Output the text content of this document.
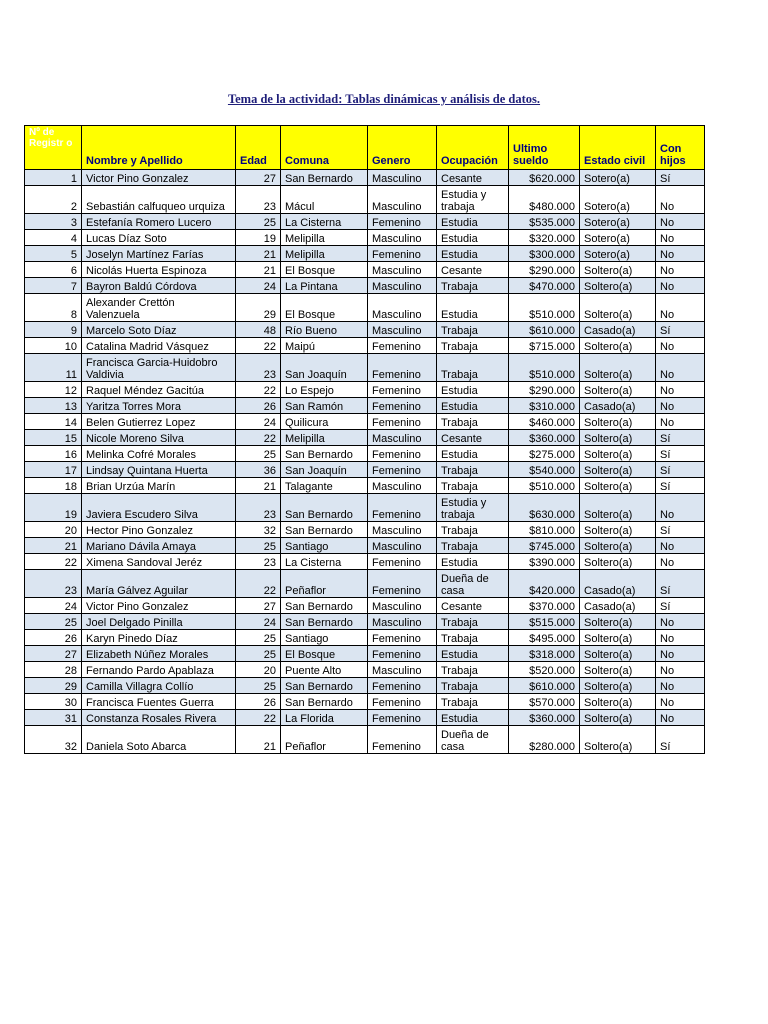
Tema de la actividad: Tablas dinámicas y análisis de datos.
Nº de Registr o	Nombre y Apellido	Edad	Comuna	Genero	Ocupación	Ultimo sueldo	Estado civil	Con hijos
1	Victor Pino Gonzalez	27	San Bernardo	Masculino	Cesante	$620.000	Sotero(a)	Sí
2	Sebastián calfuqueo urquiza	23	Mácul	Masculino	Estudia y trabaja	$480.000	Sotero(a)	No
3	Estefanía Romero Lucero	25	La Cisterna	Femenino	Estudia	$535.000	Sotero(a)	No
4	Lucas Díaz Soto	19	Melipilla	Masculino	Estudia	$320.000	Sotero(a)	No
5	Joselyn Martínez Farías	21	Melipilla	Femenino	Estudia	$300.000	Sotero(a)	No
6	Nicolás Huerta Espinoza	21	El Bosque	Masculino	Cesante	$290.000	Soltero(a)	No
7	Bayron Baldú Córdova	24	La Pintana	Masculino	Trabaja	$470.000	Soltero(a)	No
8	Alexander Crettón Valenzuela	29	El Bosque	Masculino	Estudia	$510.000	Soltero(a)	No
9	Marcelo Soto Díaz	48	Río Bueno	Masculino	Trabaja	$610.000	Casado(a)	Sí
10	Catalina Madrid Vásquez	22	Maipú	Femenino	Trabaja	$715.000	Soltero(a)	No
11	Francisca Garcia-Huidobro Valdivia	23	San Joaquín	Femenino	Trabaja	$510.000	Soltero(a)	No
12	Raquel Méndez Gacitúa	22	Lo Espejo	Femenino	Estudia	$290.000	Soltero(a)	No
13	Yaritza Torres Mora	26	San Ramón	Femenino	Estudia	$310.000	Casado(a)	No
14	Belen Gutierrez Lopez	24	Quilicura	Femenino	Trabaja	$460.000	Soltero(a)	No
15	Nicole Moreno Silva	22	Melipilla	Masculino	Cesante	$360.000	Soltero(a)	Sí
16	Melinka Cofré Morales	25	San Bernardo	Femenino	Estudia	$275.000	Soltero(a)	Sí
17	Lindsay Quintana Huerta	36	San Joaquín	Femenino	Trabaja	$540.000	Soltero(a)	Sí
18	Brian Urzúa Marín	21	Talagante	Masculino	Trabaja	$510.000	Soltero(a)	Sí
19	Javiera Escudero Silva	23	San Bernardo	Femenino	Estudia y trabaja	$630.000	Soltero(a)	No
20	Hector Pino Gonzalez	32	San Bernardo	Masculino	Trabaja	$810.000	Soltero(a)	Sí
21	Mariano Dávila Amaya	25	Santiago	Masculino	Trabaja	$745.000	Soltero(a)	No
22	Ximena Sandoval Jeréz	23	La Cisterna	Femenino	Estudia	$390.000	Soltero(a)	No
23	María Gálvez Aguilar	22	Peñaflor	Femenino	Dueña de casa	$420.000	Casado(a)	Sí
24	Victor Pino Gonzalez	27	San Bernardo	Masculino	Cesante	$370.000	Casado(a)	Sí
25	Joel Delgado Pinilla	24	San Bernardo	Masculino	Trabaja	$515.000	Soltero(a)	No
26	Karyn Pinedo Díaz	25	Santiago	Femenino	Trabaja	$495.000	Soltero(a)	No
27	Elizabeth Núñez Morales	25	El Bosque	Femenino	Estudia	$318.000	Soltero(a)	No
28	Fernando Pardo Apablaza	20	Puente Alto	Masculino	Trabaja	$520.000	Soltero(a)	No
29	Camilla Villagra Collío	25	San Bernardo	Femenino	Trabaja	$610.000	Soltero(a)	No
30	Francisca Fuentes Guerra	26	San Bernardo	Femenino	Trabaja	$570.000	Soltero(a)	No
31	Constanza Rosales Rivera	22	La Florida	Femenino	Estudia	$360.000	Soltero(a)	No
32	Daniela Soto Abarca	21	Peñaflor	Femenino	Dueña de casa	$280.000	Soltero(a)	Sí
